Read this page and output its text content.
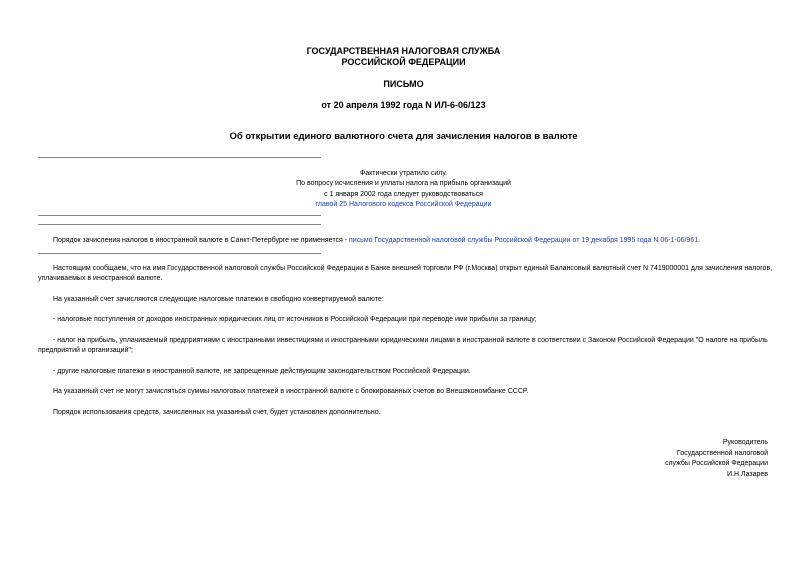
ГОСУДАРСТВЕННАЯ НАЛОГОВАЯ СЛУЖБА
РОССИЙСКОЙ ФЕДЕРАЦИИ
ПИСЬМО
от 20 апреля 1992 года N ИЛ-6-06/123
Об открытии единого валютного счета для зачисления налогов в валюте
Фактически утратило силу.
По вопросу исчисления и уплаты налога на прибыль организаций
с 1 января 2002 года следует руководствоваться
главой 25 Налогового кодекса Российской Федерации
Порядок зачисления налогов в иностранной валюте в Санкт-Петербурге не применяется - письмо Государственной налоговой службы Российской Федерации от 19 декабря 1995 года N 06-1-06/961.
Настоящим сообщаем, что на имя Государственной налоговой службы Российской Федерации в Банке внешней торговли РФ (г.Москва) открыт единый Балансовый валютный счет N 7419000001 для зачисления налогов, уплачиваемых в иностранной валюте.
На указанный счет зачисляются следующие налоговые платежи в свободно конвертируемой валюте:
- налоговые поступления от доходов иностранных юридических лиц от источников в Российской Федерации при переводе ими прибыли за границу;
- налог на прибыль, уплачиваемый предприятиями с иностранными инвестициями и иностранными юридическими лицами в иностранной валюте в соответствии с Законом Российской Федерации "О налоге на прибыль предприятий и организаций";
- другие налоговые платежи в иностранной валюте, не запрещенные действующим законодательством Российской Федерации.
На указанный счет не могут зачисляться суммы налоговых платежей в иностранной валюте с блокированных счетов во Внешэкономбанке СССР.
Порядок использования средств, зачисленных на указанный счет, будет установлен дополнительно.
Руководитель
Государственной налоговой
службы Российской Федерации
И.Н.Лазарев
